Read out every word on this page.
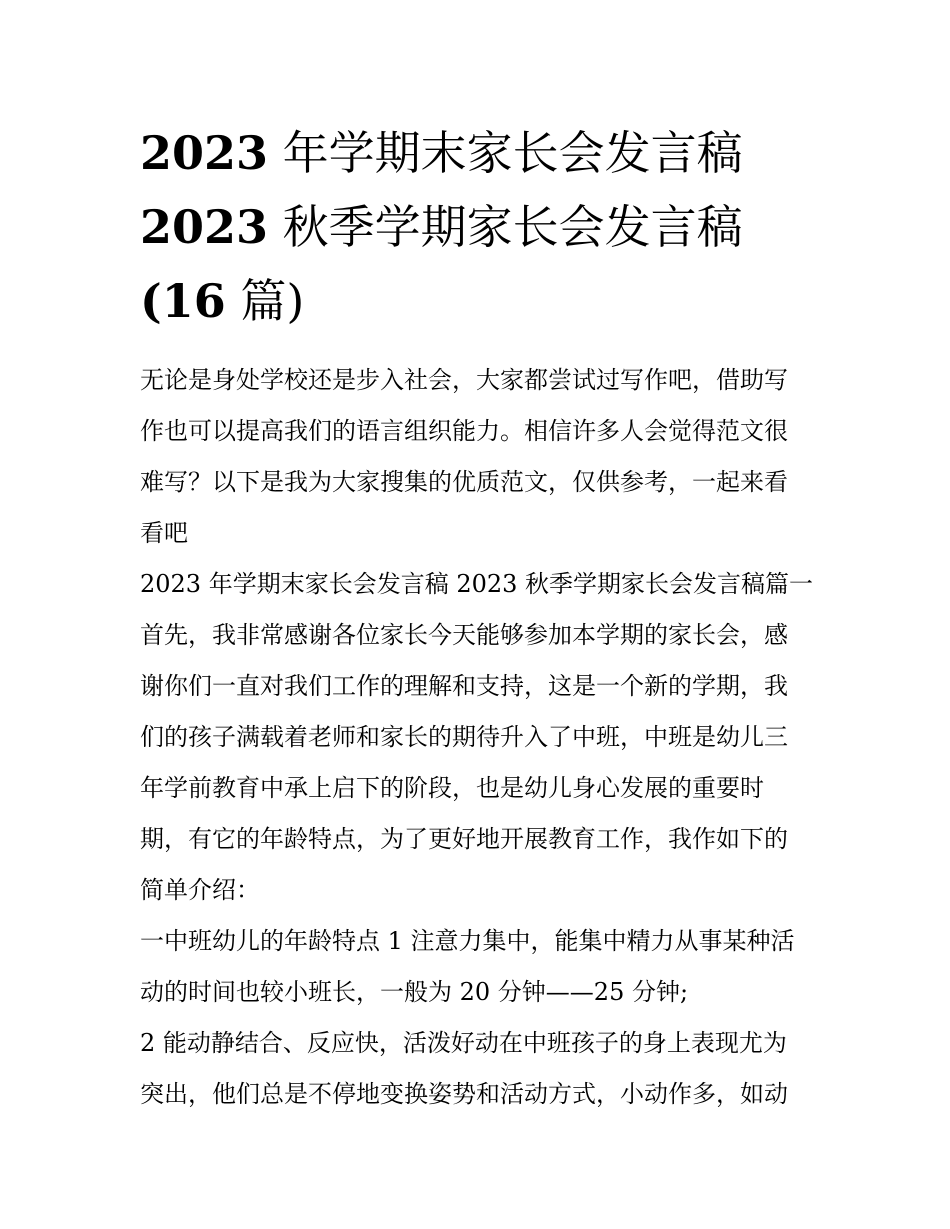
2023 年学期末家长会发言稿
2023 秋季学期家长会发言稿
(16 篇)
无论是身处学校还是步入社会，大家都尝试过写作吧，借助写
作也可以提高我们的语言组织能力。相信许多人会觉得范文很
难写？以下是我为大家搜集的优质范文，仅供参考，一起来看
看吧
2023 年学期末家长会发言稿 2023 秋季学期家长会发言稿篇一
首先，我非常感谢各位家长今天能够参加本学期的家长会，感
谢你们一直对我们工作的理解和支持，这是一个新的学期，我
们的孩子满载着老师和家长的期待升入了中班，中班是幼儿三
年学前教育中承上启下的阶段，也是幼儿身心发展的重要时
期，有它的年龄特点，为了更好地开展教育工作，我作如下的
简单介绍：
一中班幼儿的年龄特点 1 注意力集中，能集中精力从事某种活
动的时间也较小班长，一般为 20 分钟——25 分钟;
2 能动静结合、反应快，活泼好动在中班孩子的身上表现尤为
突出，他们总是不停地变换姿势和活动方式，小动作多，如动
